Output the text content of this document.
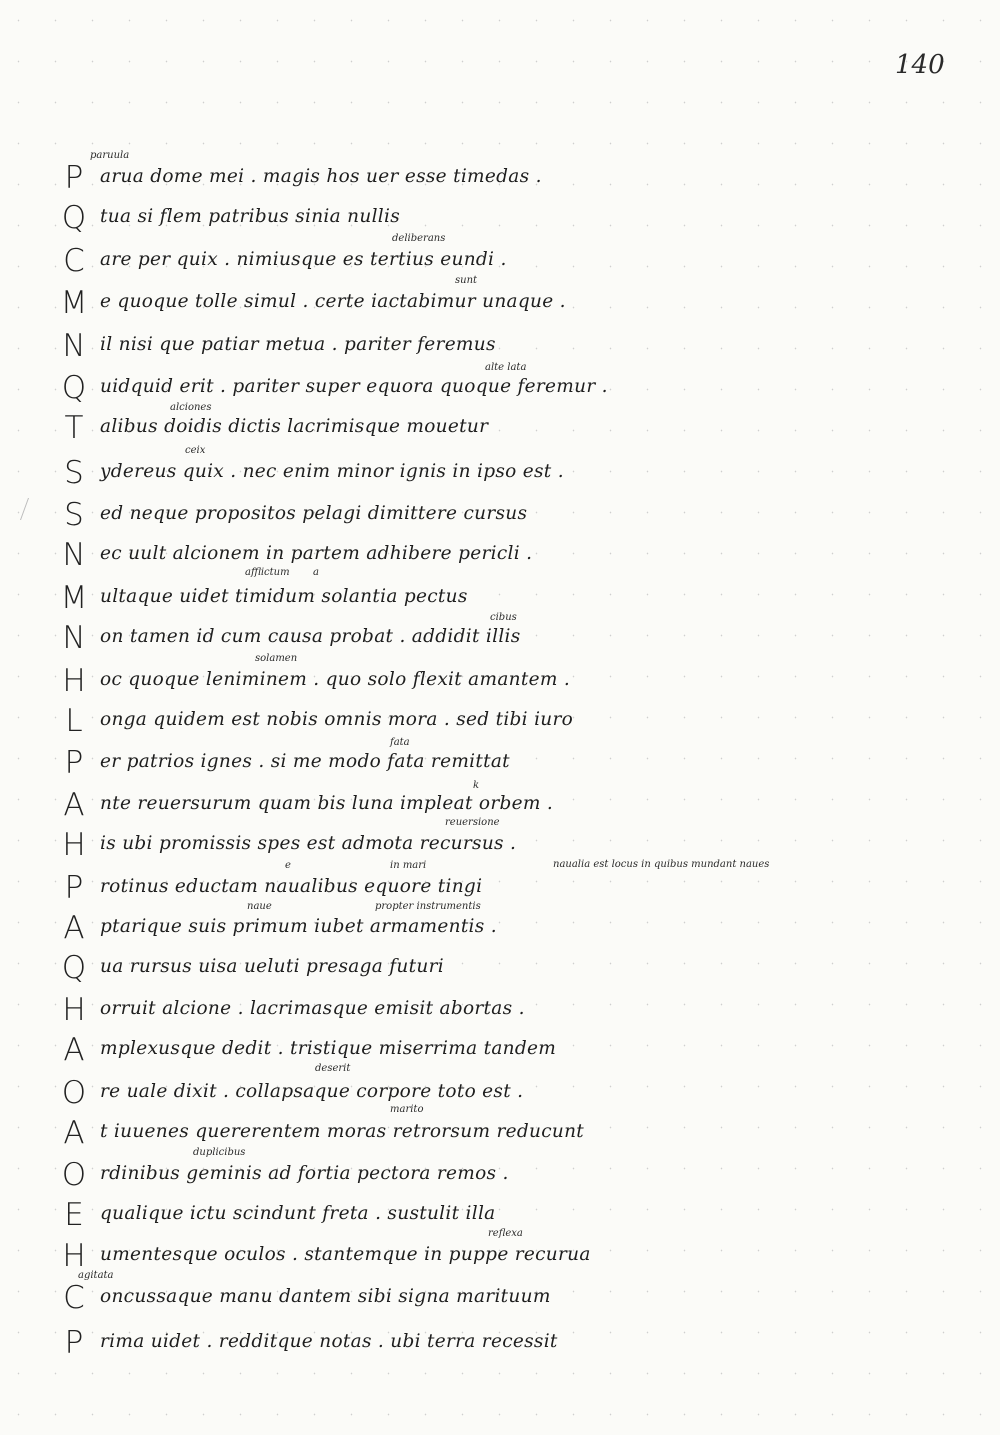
140
P arua dome mei . magis hos uer esse timedas .
Q tua si flem patribus sinia nullis
C are per quix . nimiusque es tertius eundi .
M e quoque tolle simul . certe iactabimur unaque .
N il nisi que patiar metua . pariter feremus
Q uidquid erit . pariter super equora quoque feremur .
T alibus doidis dictis lacrimisque mouetur
S ydereus quix . nec enim minor ignis in ipso est .
S ed neque propositos pelagi dimittere cursus
N ec uult alcionem in partem adhibere pericli .
M ultaque uidet timidum solantia pectus
N on tamen id cum causa probat . addidit illis
H oc quoque leniminem . quo solo flexit amantem .
L onga quidem est nobis omnis mora . sed tibi iuro
P er patrios ignes . si me modo fata remittat
A nte reuersurum quam bis luna impleat orbem .
H is ubi promissis spes est admota recursus .
P rotinus eductam naualibus equore tingi
A ptarique suis primum iubet armamentis .
Q ua rursus uisa ueluti presaga futuri
H orruit alcione . lacrimasque emisit abortas .
A mplexusque dedit . tristique miserrima tandem
O re uale dixit . collapsaque corpore toto est .
A t iuuenes quererentem moras retrorsum reducunt
O rdinibus geminis ad fortia pectora remos .
E qualique ictu scindunt freta . sustulit illa
H umentesque oculos . stantemque in puppe recurua
C oncussaque manu dantem sibi signa marituum
P rima uidet . redditque notas . ubi terra recessit
paruula
deliberans
sunt
alte lata
alciones
ceix
afflictum a
cibus
solamen
fata
k
reuersione
e	in mari
naue	propter instrumentis
deserit
marito
duplicibus
reflexa
agitata
naualia est locus in quibus mundant naues
